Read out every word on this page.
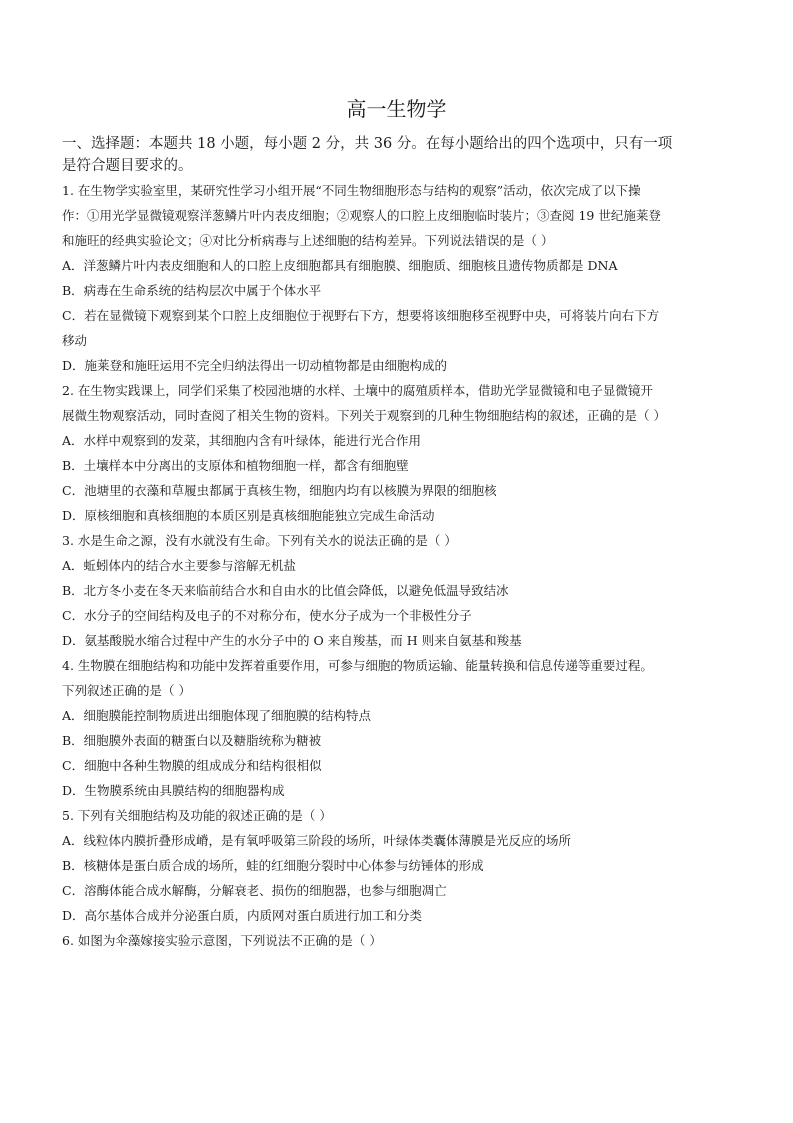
高一生物学
一、选择题：本题共 18 小题，每小题 2 分，共 36 分。在每小题给出的四个选项中，只有一项
是符合题目要求的。
1. 在生物学实验室里，某研究性学习小组开展“不同生物细胞形态与结构的观察”活动，依次完成了以下操
作：①用光学显微镜观察洋葱鳞片叶内表皮细胞；②观察人的口腔上皮细胞临时装片；③查阅 19 世纪施莱登
和施旺的经典实验论文；④对比分析病毒与上述细胞的结构差异。下列说法错误的是（ ）
A．洋葱鳞片叶内表皮细胞和人的口腔上皮细胞都具有细胞膜、细胞质、细胞核且遗传物质都是 DNA
B．病毒在生命系统的结构层次中属于个体水平
C．若在显微镜下观察到某个口腔上皮细胞位于视野右下方，想要将该细胞移至视野中央，可将装片向右下方
移动
D．施莱登和施旺运用不完全归纳法得出一切动植物都是由细胞构成的
2. 在生物实践课上，同学们采集了校园池塘的水样、土壤中的腐殖质样本，借助光学显微镜和电子显微镜开
展微生物观察活动，同时查阅了相关生物的资料。下列关于观察到的几种生物细胞结构的叙述，正确的是（ ）
A．水样中观察到的发菜，其细胞内含有叶绿体，能进行光合作用
B．土壤样本中分离出的支原体和植物细胞一样，都含有细胞壁
C．池塘里的衣藻和草履虫都属于真核生物，细胞内均有以核膜为界限的细胞核
D．原核细胞和真核细胞的本质区别是真核细胞能独立完成生命活动
3. 水是生命之源，没有水就没有生命。下列有关水的说法正确的是（ ）
A．蚯蚓体内的结合水主要参与溶解无机盐
B．北方冬小麦在冬天来临前结合水和自由水的比值会降低，以避免低温导致结冰
C．水分子的空间结构及电子的不对称分布，使水分子成为一个非极性分子
D．氨基酸脱水缩合过程中产生的水分子中的 O 来自羧基，而 H 则来自氨基和羧基
4. 生物膜在细胞结构和功能中发挥着重要作用，可参与细胞的物质运输、能量转换和信息传递等重要过程。
下列叙述正确的是（ ）
A．细胞膜能控制物质进出细胞体现了细胞膜的结构特点
B．细胞膜外表面的糖蛋白以及糖脂统称为糖被
C．细胞中各种生物膜的组成成分和结构很相似
D．生物膜系统由具膜结构的细胞器构成
5. 下列有关细胞结构及功能的叙述正确的是（ ）
A．线粒体内膜折叠形成嵴，是有氧呼吸第三阶段的场所，叶绿体类囊体薄膜是光反应的场所
B．核糖体是蛋白质合成的场所，蛙的红细胞分裂时中心体参与纺锤体的形成
C．溶酶体能合成水解酶，分解衰老、损伤的细胞器，也参与细胞凋亡
D．高尔基体合成并分泌蛋白质，内质网对蛋白质进行加工和分类
6. 如图为伞藻嫁接实验示意图，下列说法不正确的是（ ）
